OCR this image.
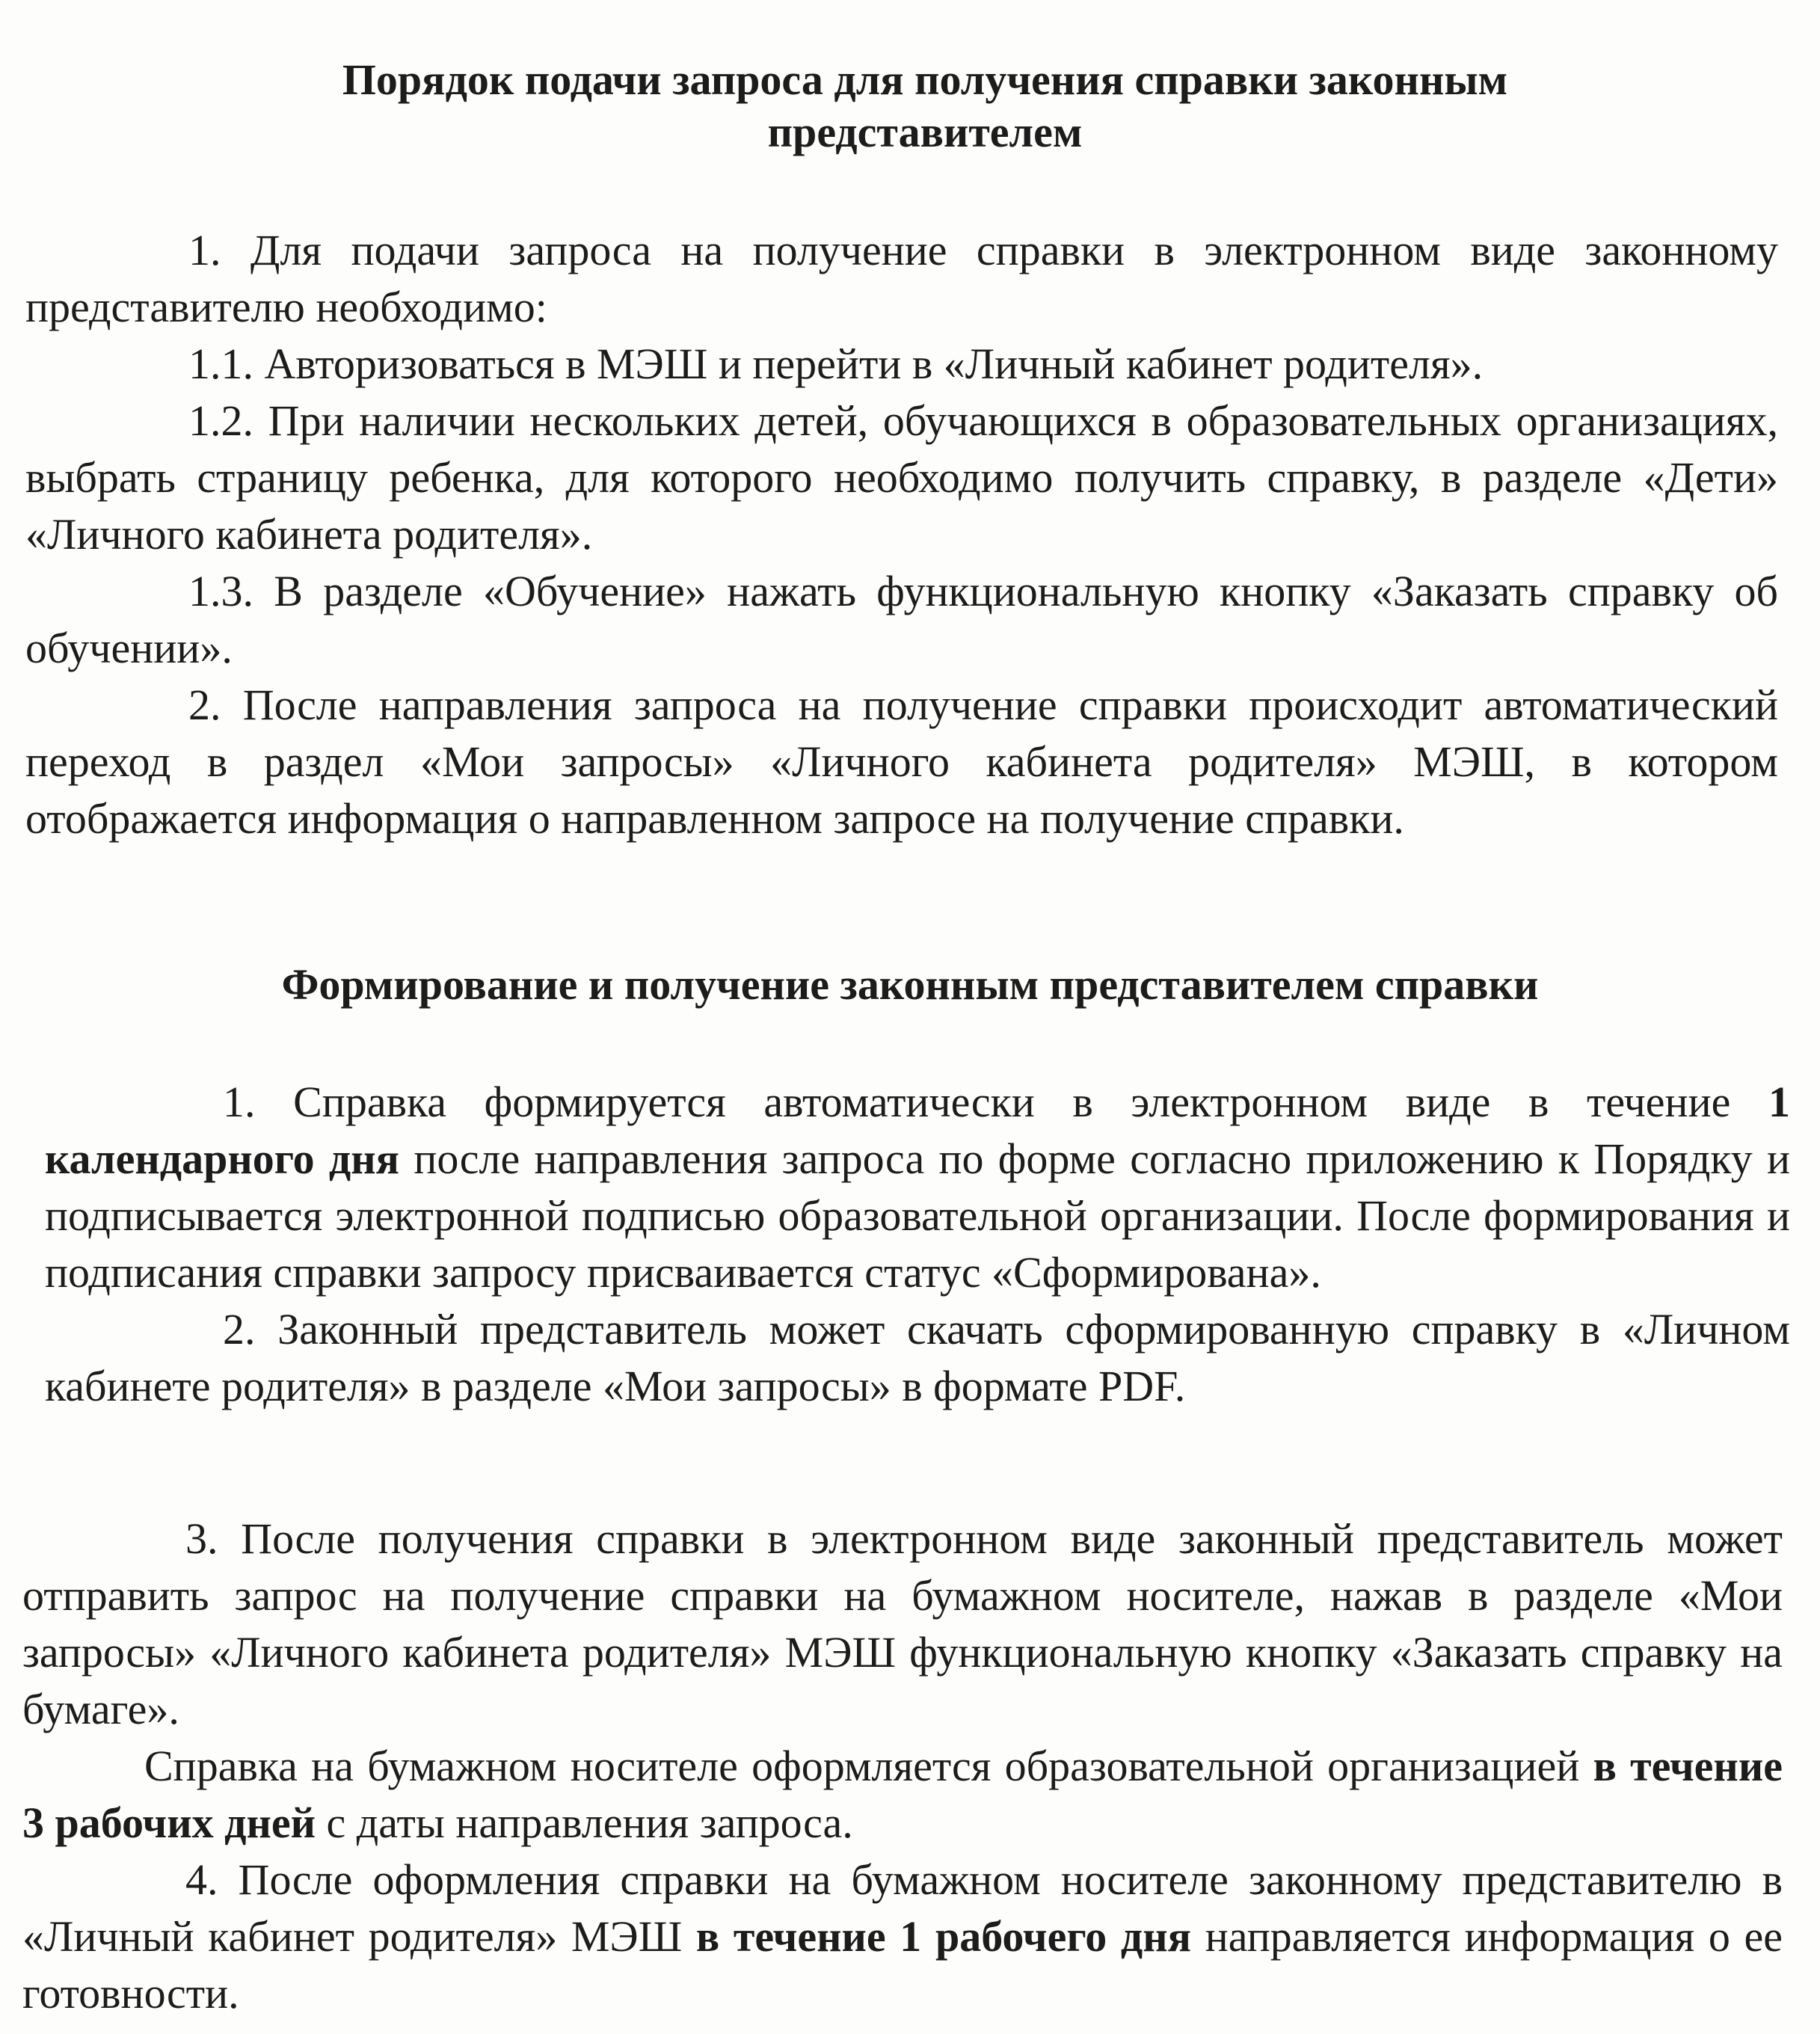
Порядок подачи запроса для получения справки законным
представителем

1. Для подачи запроса на получение справки в электронном виде законному представителю необходимо:

1.1. Авторизоваться в МЭШ и перейти в «Личный кабинет родителя».

1.2. При наличии нескольких детей, обучающихся в образовательных организациях, выбрать страницу ребенка, для которого необходимо получить справку, в разделе «Дети» «Личного кабинета родителя».

1.3. В разделе «Обучение» нажать функциональную кнопку «Заказать справку об обучении».

2. После направления запроса на получение справки происходит автоматический переход в раздел «Мои запросы» «Личного кабинета родителя» МЭШ, в котором отображается информация о направленном запросе на получение справки.

Формирование и получение законным представителем справки

1. Справка формируется автоматически в электронном виде в течение 1 календарного дня после направления запроса по форме согласно приложению к Порядку и подписывается электронной подписью образовательной организации. После формирования и подписания справки запросу присваивается статус «Сформирована».

2. Законный представитель может скачать сформированную справку в «Личном кабинете родителя» в разделе «Мои запросы» в формате PDF.

3. После получения справки в электронном виде законный представитель может отправить запрос на получение справки на бумажном носителе, нажав в разделе «Мои запросы» «Личного кабинета родителя» МЭШ функциональную кнопку «Заказать справку на бумаге».

Справка на бумажном носителе оформляется образовательной организацией в течение 3 рабочих дней с даты направления запроса.

4. После оформления справки на бумажном носителе законному представителю в «Личный кабинет родителя» МЭШ в течение 1 рабочего дня направляется информация о ее готовности.
